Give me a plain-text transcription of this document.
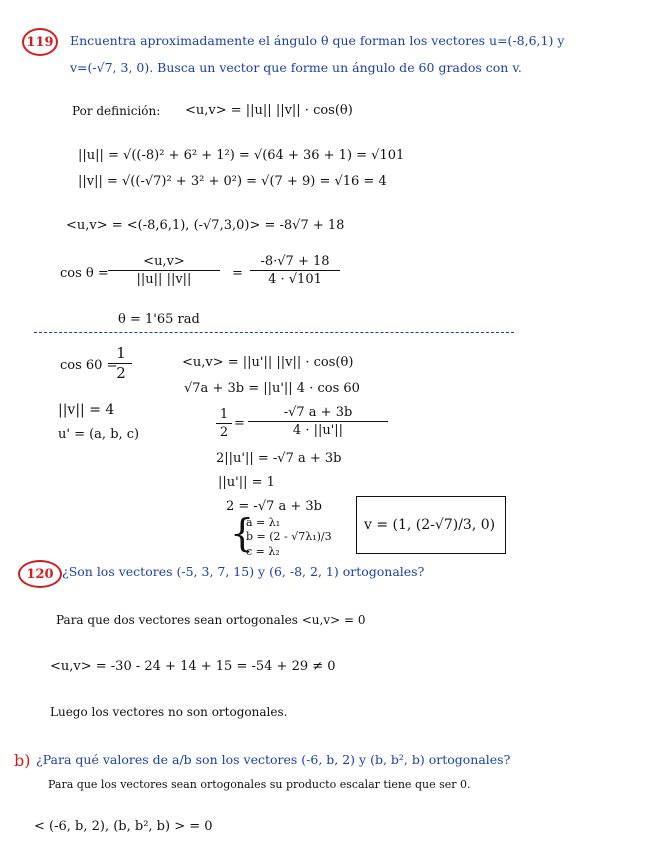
119	Encuentra aproximadamente el ángulo θ que forman los vectores u=(-8,6,1) y
v=(-√7, 3, 0). Busca un vector que forme un ángulo de 60 grados con v.
Por definición: <u,v> = ||u|| ||v|| · cos(θ)
||u|| = √((-8)² + 6² + 1²) = √(64 + 36 + 1) = √101
||v|| = √((-√7)² + 3² + 0²) = √(7 + 9) = √16 = 4
<u,v> = <(-8,6,1), (-√7,3,0)> = -8√7 + 18
cos θ =
<u,v>
||u|| ||v||	=
-8·√7 + 18
4 · √101
θ = 1'65 rad
cos 60 =
1
2
<u,v> = ||u'|| ||v|| · cos(θ)
√7a + 3b = ||u'|| 4 · cos 60
||v|| = 4
u' = (a, b, c)
1
2
=
-√7 a + 3b
4 · ||u'||
2||u'|| = -√7 a + 3b
||u'|| = 1
2 = -√7 a + 3b
{
a = λ₁
b = (2 - √7λ₁)/3
c = λ₂
v = (1, (2-√7)/3, 0)
120 ¿Son los vectores (-5, 3, 7, 15) y (6, -8, 2, 1) ortogonales?
Para que dos vectores sean ortogonales <u,v> = 0
<u,v> = -30 - 24 + 14 + 15 = -54 + 29 ≠ 0
Luego los vectores no son ortogonales.
b) ¿Para qué valores de a/b son los vectores (-6, b, 2) y (b, b², b) ortogonales?
Para que los vectores sean ortogonales su producto escalar tiene que ser 0.
< (-6, b, 2), (b, b², b) > = 0
